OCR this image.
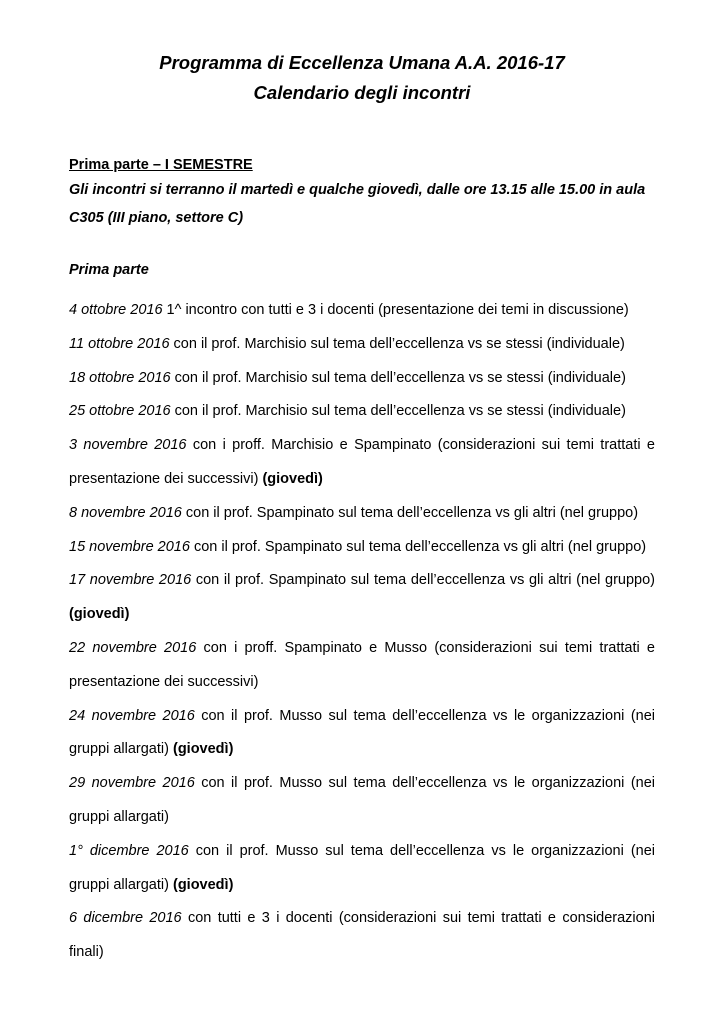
Programma di Eccellenza Umana A.A. 2016-17
Calendario degli incontri
Prima parte – I SEMESTRE
Gli incontri si terranno il martedì e qualche giovedì, dalle ore 13.15 alle 15.00 in aula C305 (III piano, settore C)
Prima parte

4 ottobre 2016 1^ incontro con tutti e 3 i docenti (presentazione dei temi in discussione)

11 ottobre 2016 con il prof. Marchisio sul tema dell’eccellenza vs se stessi (individuale)

18 ottobre 2016 con il prof. Marchisio sul tema dell’eccellenza vs se stessi (individuale)

25 ottobre 2016 con il prof. Marchisio sul tema dell’eccellenza vs se stessi (individuale)

3 novembre 2016 con i proff. Marchisio e Spampinato (considerazioni sui temi trattati e presentazione dei successivi) (giovedì)

8 novembre 2016 con il prof. Spampinato sul tema dell’eccellenza vs gli altri (nel gruppo)

15 novembre 2016 con il prof. Spampinato sul tema dell’eccellenza vs gli altri (nel gruppo)

17 novembre 2016 con il prof. Spampinato sul tema dell’eccellenza vs gli altri (nel gruppo) (giovedì)

22 novembre 2016 con i proff. Spampinato e Musso (considerazioni sui temi trattati e presentazione dei successivi)

24 novembre 2016 con il prof. Musso sul tema dell’eccellenza vs le organizzazioni (nei gruppi allargati) (giovedì)

29 novembre 2016 con il prof. Musso sul tema dell’eccellenza vs le organizzazioni (nei gruppi allargati)

1° dicembre 2016 con il prof. Musso sul tema dell’eccellenza vs le organizzazioni (nei gruppi allargati) (giovedì)

6 dicembre 2016 con tutti e 3 i docenti (considerazioni sui temi trattati e considerazioni finali)
